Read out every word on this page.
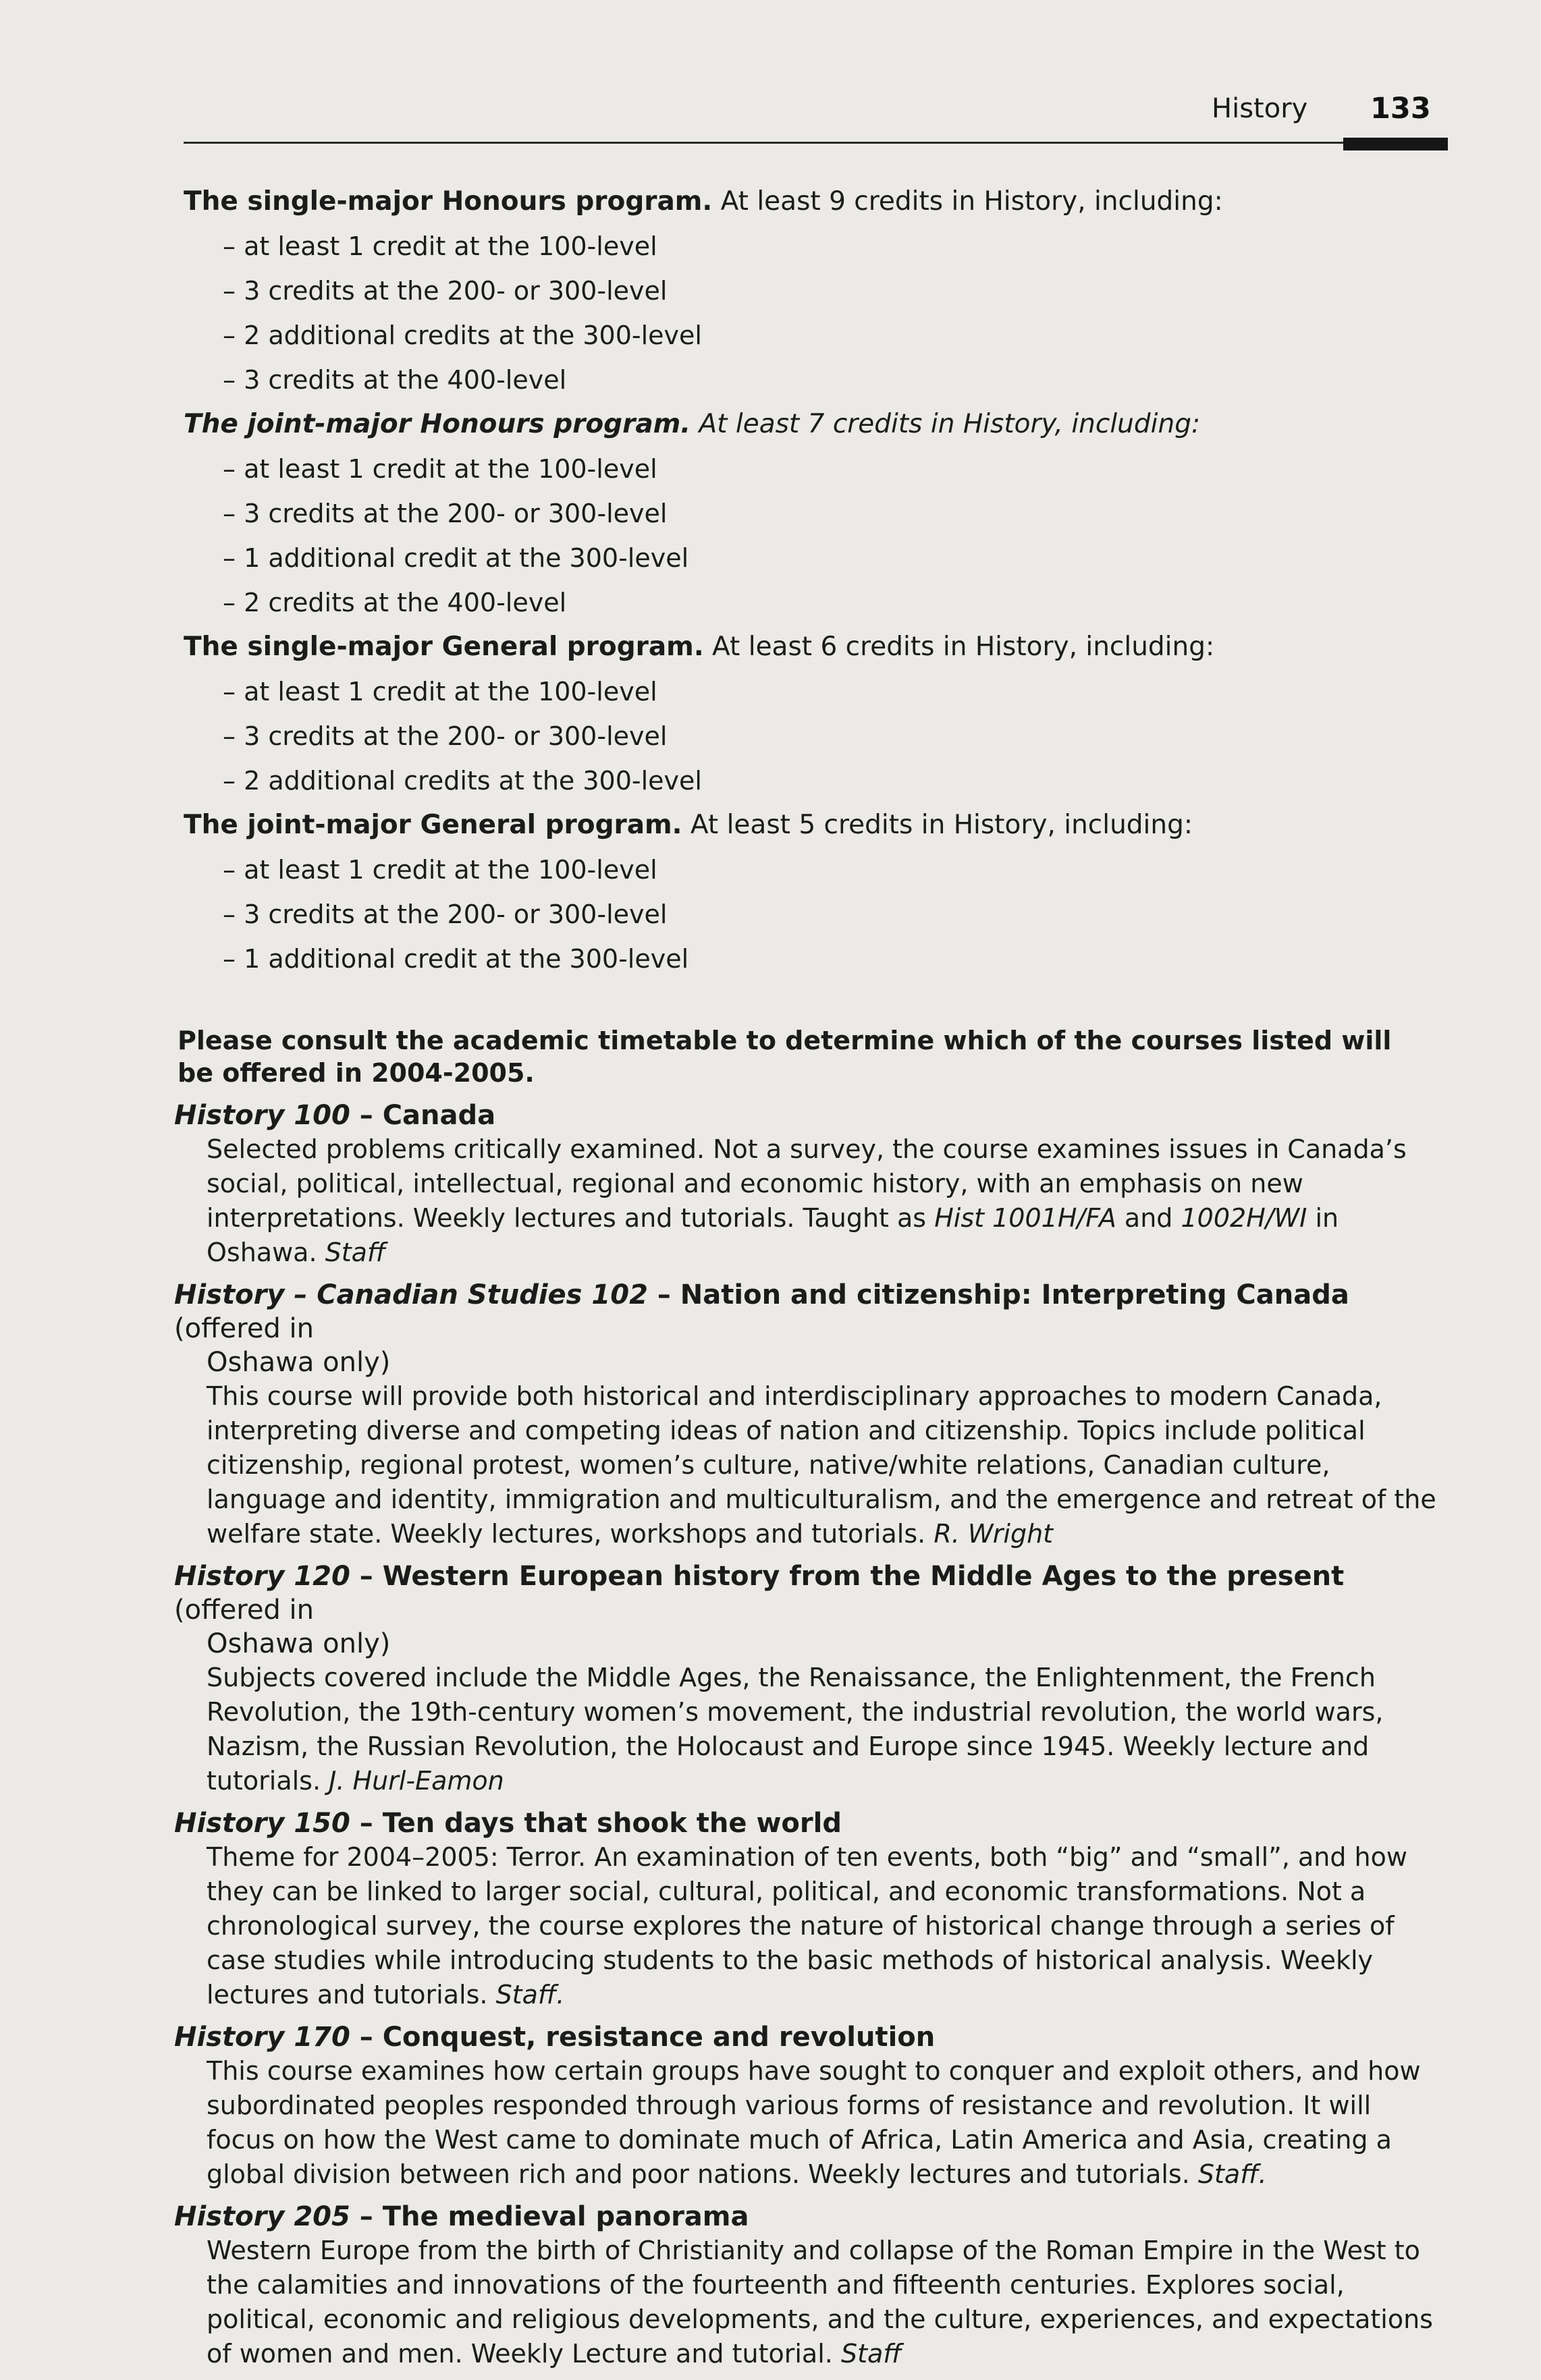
History 133
The single-major Honours program. At least 9 credits in History, including:
– at least 1 credit at the 100-level
– 3 credits at the 200- or 300-level
– 2 additional credits at the 300-level
– 3 credits at the 400-level
The joint-major Honours program. At least 7 credits in History, including:
– at least 1 credit at the 100-level
– 3 credits at the 200- or 300-level
– 1 additional credit at the 300-level
– 2 credits at the 400-level
The single-major General program. At least 6 credits in History, including:
– at least 1 credit at the 100-level
– 3 credits at the 200- or 300-level
– 2 additional credits at the 300-level
The joint-major General program. At least 5 credits in History, including:
– at least 1 credit at the 100-level
– 3 credits at the 200- or 300-level
– 1 additional credit at the 300-level
Please consult the academic timetable to determine which of the courses listed will be offered in 2004-2005.
History 100 – Canada
Selected problems critically examined. Not a survey, the course examines issues in Canada’s social, political, intellectual, regional and economic history, with an emphasis on new interpretations. Weekly lectures and tutorials. Taught as Hist 1001H/FA and 1002H/WI in Oshawa. Staff
History – Canadian Studies 102 – Nation and citizenship: Interpreting Canada (offered in
Oshawa only)
This course will provide both historical and interdisciplinary approaches to modern Canada, interpreting diverse and competing ideas of nation and citizenship. Topics include political citizenship, regional protest, women’s culture, native/white relations, Canadian culture, language and identity, immigration and multiculturalism, and the emergence and retreat of the welfare state. Weekly lectures, workshops and tutorials. R. Wright
History 120 – Western European history from the Middle Ages to the present (offered in
Oshawa only)
Subjects covered include the Middle Ages, the Renaissance, the Enlightenment, the French Revolution, the 19th-century women’s movement, the industrial revolution, the world wars, Nazism, the Russian Revolution, the Holocaust and Europe since 1945. Weekly lecture and tutorials. J. Hurl-Eamon
History 150 – Ten days that shook the world
Theme for 2004–2005: Terror. An examination of ten events, both “big” and “small”, and how they can be linked to larger social, cultural, political, and economic transformations. Not a chronological survey, the course explores the nature of historical change through a series of case studies while introducing students to the basic methods of historical analysis. Weekly lectures and tutorials. Staff.
History 170 – Conquest, resistance and revolution
This course examines how certain groups have sought to conquer and exploit others, and how subordinated peoples responded through various forms of resistance and revolution. It will focus on how the West came to dominate much of Africa, Latin America and Asia, creating a global division between rich and poor nations. Weekly lectures and tutorials. Staff.
History 205 – The medieval panorama
Western Europe from the birth of Christianity and collapse of the Roman Empire in the West to the calamities and innovations of the fourteenth and fifteenth centuries. Explores social, political, economic and religious developments, and the culture, experiences, and expectations of women and men. Weekly Lecture and tutorial. Staff
